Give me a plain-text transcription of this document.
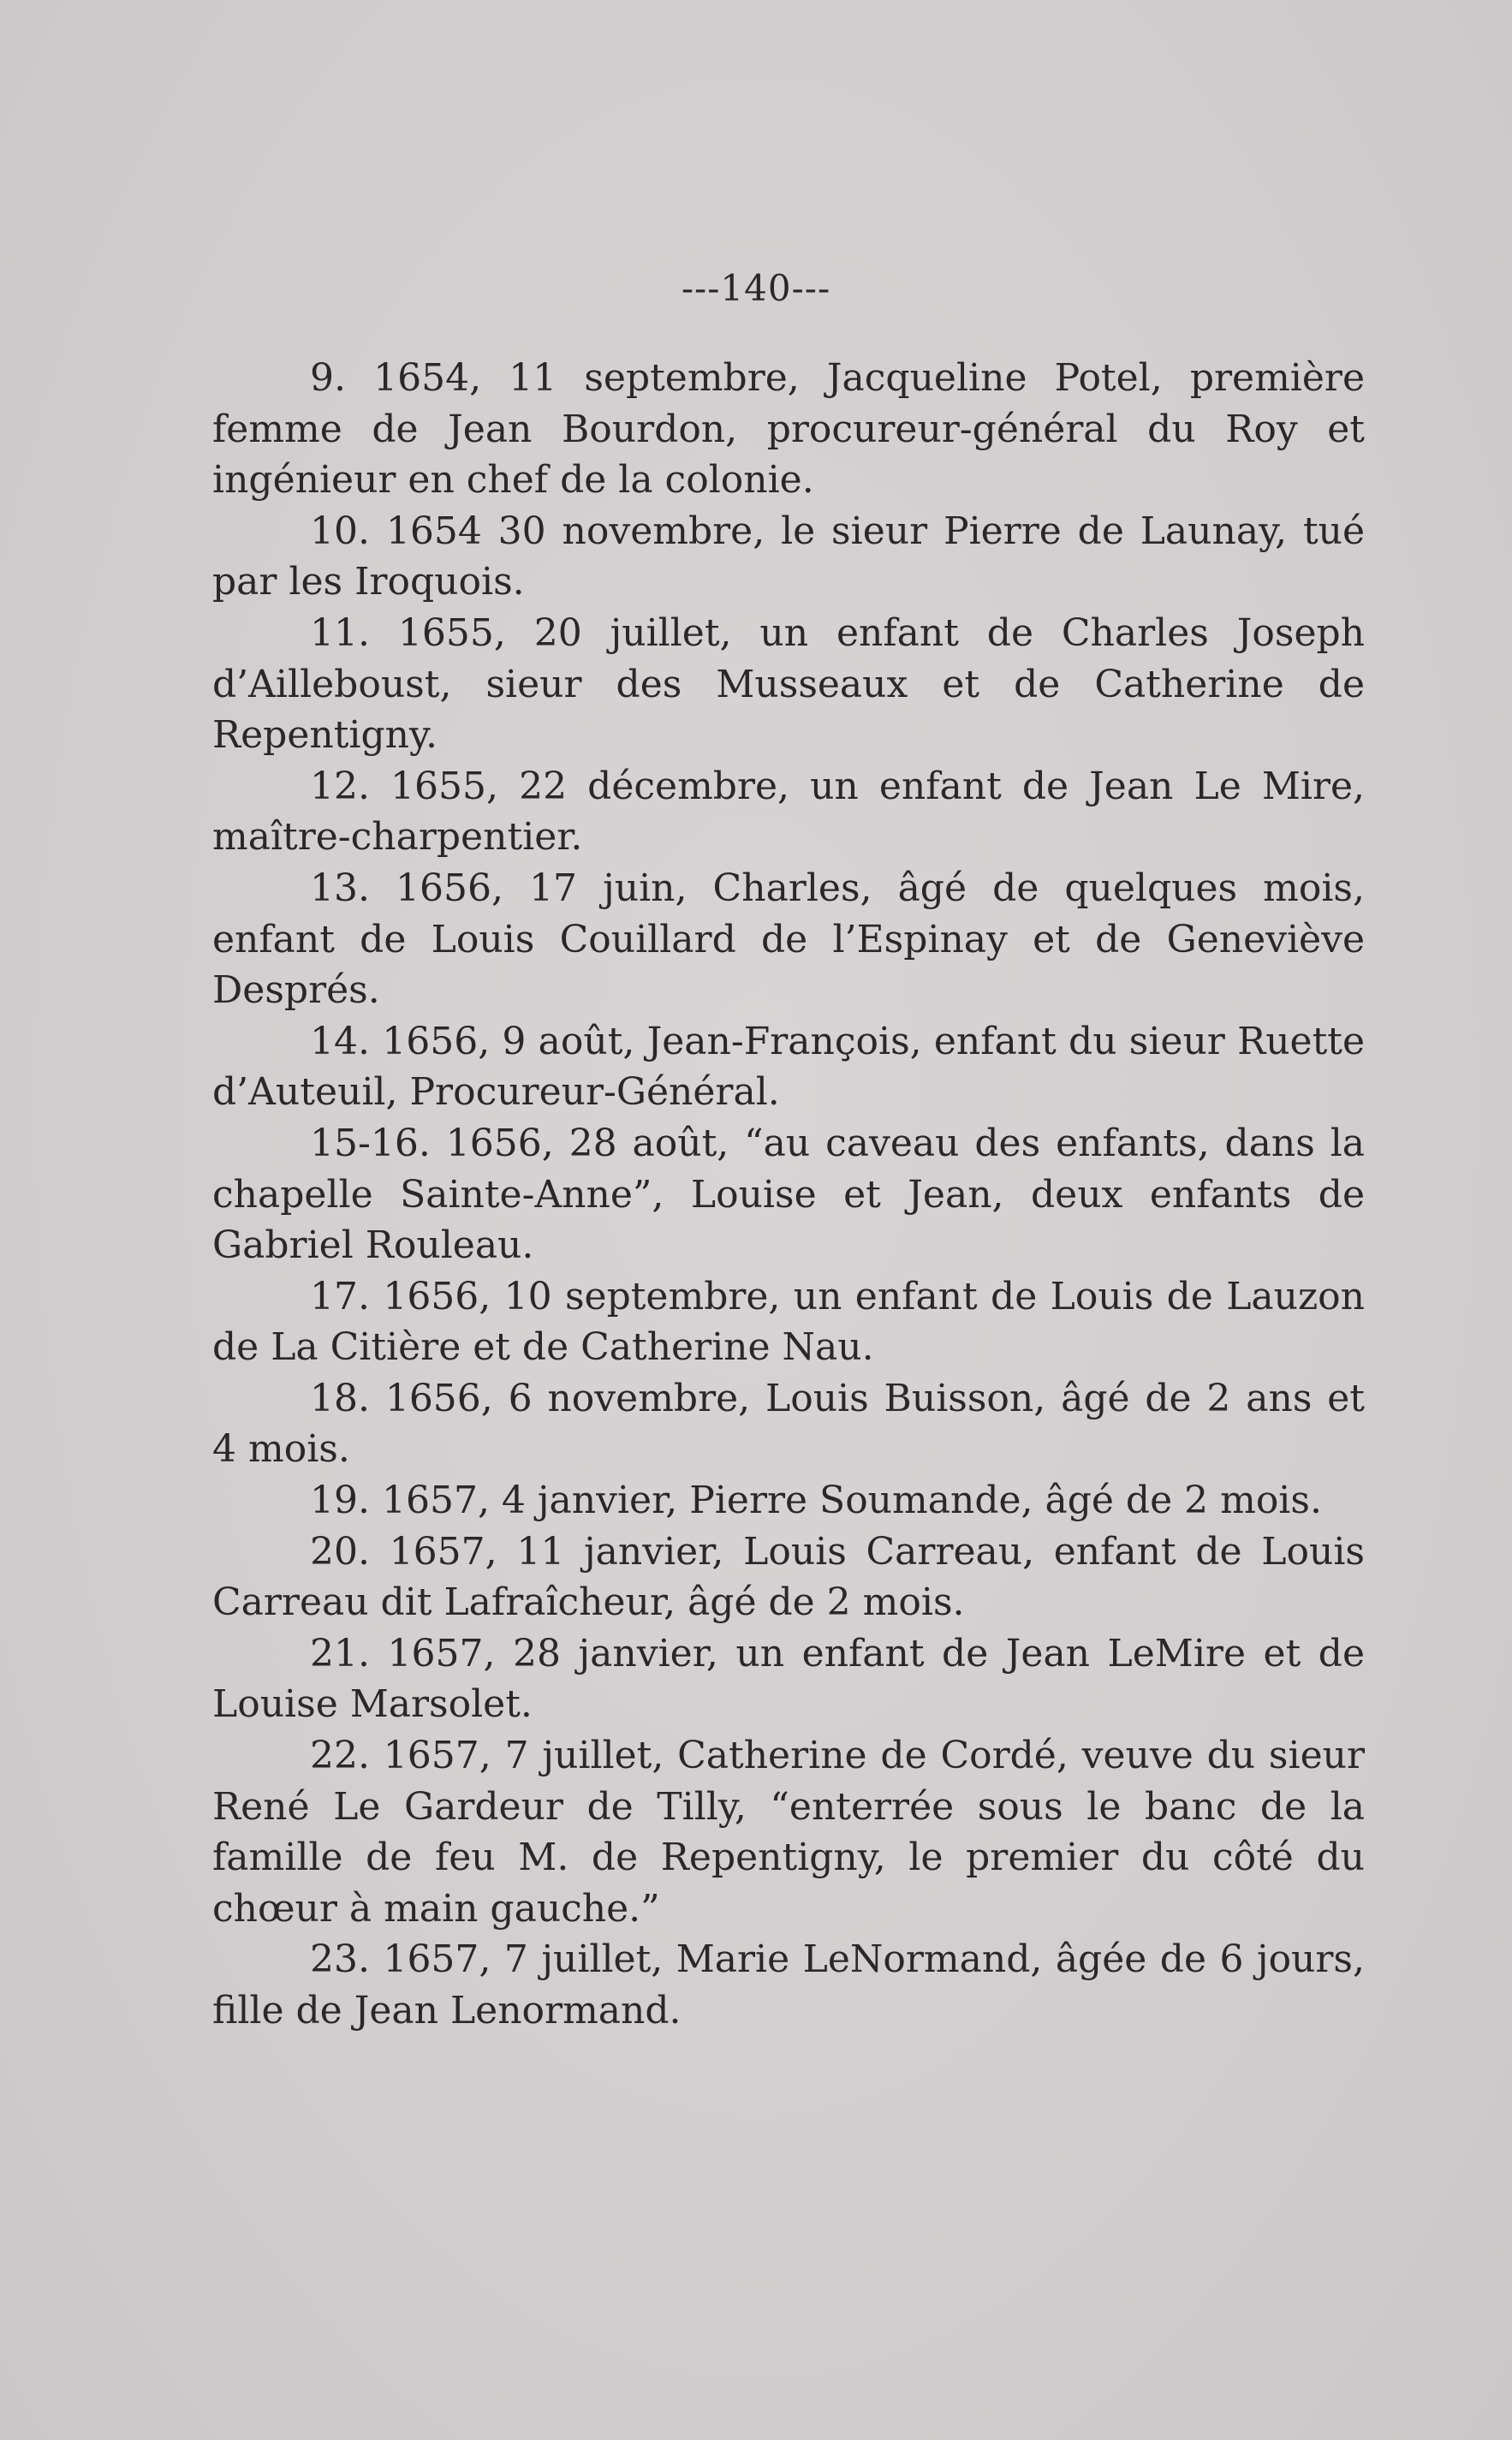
---140---

9. 1654, 11 septembre, Jacqueline Potel, première femme de Jean Bourdon, procureur-général du Roy et ingénieur en chef de la colonie.

10. 1654 30 novembre, le sieur Pierre de Launay, tué par les Iroquois.

11. 1655, 20 juillet, un enfant de Charles Joseph d’Ailleboust, sieur des Musseaux et de Catherine de Repentigny.

12. 1655, 22 décembre, un enfant de Jean Le Mire, maître-charpentier.

13. 1656, 17 juin, Charles, âgé de quelques mois, enfant de Louis Couillard de l’Espinay et de Geneviève Després.

14. 1656, 9 août, Jean-François, enfant du sieur Ruette d’Auteuil, Procureur-Général.

15-16. 1656, 28 août, “au caveau des enfants, dans la chapelle Sainte-Anne”, Louise et Jean, deux enfants de Gabriel Rouleau.

17. 1656, 10 septembre, un enfant de Louis de Lauzon de La Citière et de Catherine Nau.

18. 1656, 6 novembre, Louis Buisson, âgé de 2 ans et 4 mois.

19. 1657, 4 janvier, Pierre Soumande, âgé de 2 mois.

20. 1657, 11 janvier, Louis Carreau, enfant de Louis Carreau dit Lafraîcheur, âgé de 2 mois.

21. 1657, 28 janvier, un enfant de Jean LeMire et de Louise Marsolet.

22. 1657, 7 juillet, Catherine de Cordé, veuve du sieur René Le Gardeur de Tilly, “enterrée sous le banc de la famille de feu M. de Repentigny, le premier du côté du chœur à main gauche.”

23. 1657, 7 juillet, Marie LeNormand, âgée de 6 jours, fille de Jean Lenormand.
